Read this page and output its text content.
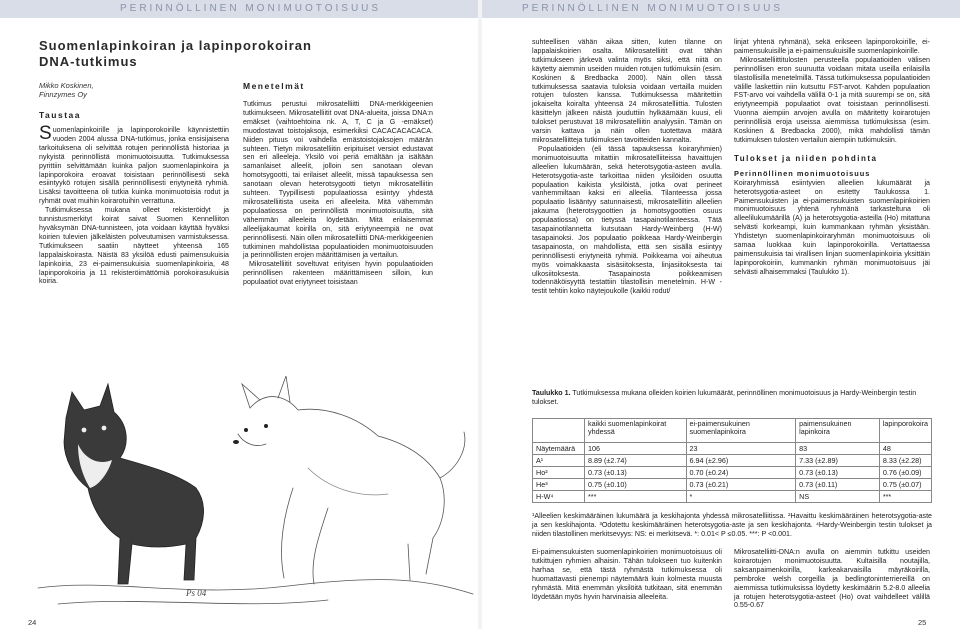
PERINNÖLLINEN MONIMUOTOISUUS	PERINNÖLLINEN MONIMUOTOISUUS
Suomenlapinkoiran ja lapinporokoiran
DNA-tutkimus
Mikko Koskinen,
Finnzymes Oy
Taustaa

Suomenlapinkoirille ja lapinporokoirille käynnistettiin vuoden 2004 alussa DNA-tutkimus, jonka ensisijaisena tarkoituksena oli selvittää rotujen perinnöllistä historiaa ja nykyistä perinnöllistä monimuotoisuutta. Tutkimuksessa pyrittiin selvittämään kuinka paljon suomenlapinkoira ja lapinporokoira eroavat toisistaan perinnöllisesti sekä esiintyykö rotujen sisällä perinnöllisesti eriytyneitä ryhmiä. Lisäksi tavoitteena oli tutkia kuinka monimuotoisia rodut ja ryhmät ovat muihin koirarotuihin verrattuna.

Tutkimuksessa mukana olleet rekisteröidyt ja tunnistusmerkityt koirat saivat Suomen Kennelliiton hyväksymän DNA-tunnisteen, jota voidaan käyttää hyväksi koirien tulevien jälkeläisten polveutumisen varmistuksessa. Tutkimukseen saatiin näytteet yhteensä 165 lappalaiskoirasta. Näistä 83 yksilöä edusti paimensukuisia lapinkoiria, 23 ei-paimensukuisia suomenlapinkoiria, 48 lapinporokoiria ja 11 rekisteröimättömiä porokoirasukuisia koiria.

Menetelmät

Tutkimus perustui mikrosatelliitti DNA-merkkigeenien tutkimukseen. Mikrosatelliitit ovat DNA-alueita, joissa DNA:n emäkset (vaihtoehtoina nk. A, T, C ja G -emäkset) muodostavat toistojaksoja, esimerkiksi CACACACACACA. Niiden pituus voi vaihdella emästoistojaksojen määrän suhteen. Tietyn mikrosatelliitin eripituiset versiot edustavat sen eri alleeleja. Yksilö voi periä emältään ja isältään samanlaiset alleelit, jolloin sen sanotaan olevan homotsygootti, tai erilaiset alleelit, missä tapauksessa sen sanotaan olevan heterotsygootti tietyn mikrosatelliitin suhteen. Tyypillisesti populaatiossa esiintyy yhdestä mikrosatelliitista useita eri alleeleita. Mitä vähemmän populaatiossa on perinnöllistä monimuotoisuutta, sitä vähemmän alleeleita löydetään. Mitä erilaisemmat alleelijakaumat koirilla on, sitä eriytyneempiä ne ovat perinnöllisesti. Näin ollen mikrosatelliitti DNA-merkkigeenien tutkiminen mahdollistaa populaatioiden monimuotoisuuden ja perinnöllisten erojen määrittämisen ja vertailun.

Mikrosatelliitit soveltuvat erityisen hyvin populaatioiden perinnöllisen rakenteen määrittämiseen silloin, kun populaatiot ovat eriytyneet toisistaan

Ps 04
24	25

suhteellisen vähän aikaa sitten, kuten tilanne on lappalaiskoirien osalta. Mikrosatelliitit ovat tähän tutkimukseen järkevä valinta myös siksi, että niitä on käytetty aiemmin useiden muiden rotujen tutkimuksiin (esim. Koskinen & Bredbacka 2000). Näin ollen tässä tutkimuksessa saatavia tuloksia voidaan vertailla muiden rotujen tulosten kanssa. Tutkimuksessa määritettiin jokaiselta koiralta yhteensä 24 mikrosatelliittia. Tulosten käsittelyn jälkeen näistä jouduttiin hylkäämään kuusi, eli tulokset perustuvat 18 mikrosatelliitin analyysiin. Tämän on varsin kattava ja näin ollen tuotettava määrä mikrosatelliitteja tutkimuksen tavoitteiden kannalta.

Populaatioiden (eli tässä tapauksessa koiraryhmien) monimuotoisuutta mitattiin mikrosatelliiteissa havaittujen alleelien lukumäärän, sekä heterotsygotia-asteen avulla. Heterotsygotia-aste tarkoittaa niiden yksilöiden osuutta populaation kaikista yksilöistä, jotka ovat perineet vanhemmiltaan kaksi eri alleelia. Tilanteessa jossa populaatio lisääntyy satunnaisesti, mikrosatelliitin alleelien jakauma (heterotsygoottien ja homotsygoottien osuus populaatiossa) on tietyssä tasapainotilanteessa. Tätä tasapainotilannetta kutsutaan Hardy-Weinberg (H-W) tasapainoksi. Jos populaatio poikkeaa Hardy-Weinbergin tasapainosta, on mahdollista, että sen sisällä esiintyy perinnöllisesti eriytyneitä ryhmiä. Poikkeama voi aiheutua myös voimakkaasta sisäsiitoksesta, linjasiitoksesta tai ulkosiitoksesta. Tasapainosta poikkeamisen todennäköisyyttä testattiin tilastollisin menetelmin. H-W -testit tehtiin koko näytejoukolle (kaikki rodut/

linjat yhtenä ryhmänä), sekä erikseen lapinporokoirille, ei-paimensukuisille ja ei-paimensukuisille suomenlapinkoirille.

Mikrosatelliittitulosten perusteella populaatioiden välisen perinnöllisen eron suuruutta voidaan mitata useilla erilaisilla tilastollisilla menetelmillä. Tässä tutkimuksessa populaatioiden välille laskettiin niin kutsuttu FST-arvot. Kahden populaation FST-arvo voi vaihdella välillä 0-1 ja mitä suurempi se on, sitä eriytyneempiä populaatiot ovat toisistaan perinnöllisesti. Vuonna aiempiin arvojen avulla on määritetty koirarotujen perinnöllisiä eroja useissa aiemmissa tutkimuksissa (esim. Koskinen & Bredbacka 2000), mikä mahdollisti tämän tutkimuksen tulosten vertailun aiempiin tutkimuksiin.

Tulokset ja niiden pohdinta
Perinnöllinen monimuotoisuus

Koiraryhmissä esiintyvien alleelien lukumäärät ja heterotsygotia-asteet on esitetty Taulukossa 1. Paimensukuisten ja ei-paimensukuisten suomenlapinkoirien monimuotoisuus yhtenä ryhmänä tarkasteltuna oli alleelilukumäärillä (A) ja heterotsygotia-asteilla (Ho) mitattuna selvästi korkeampi, kuin kummankaan ryhmän yksistään. Yhdistetyn suomenlapinkoiraryhmän monimuotoisuus oli samaa luokkaa kuin lapinporokoirilla. Vertattaessa paimensukuisia tai virallisen linjan suomenlapinkoiria yksittäin lapinporokoiriin, kummankin ryhmän monimuotoisuus jäi selvästi alhaisemmaksi (Taulukko 1).

Taulukko 1. Tutkimuksessa mukana olleiden koirien lukumäärät, perinnöllinen monimuotoisuus ja Hardy-Weinbergin testin tulokset.
	kaikki suomenlapinkoirat yhdessä	ei-paimensukuinen suomenlapinkoira	paimensukuinen lapinkoira	lapinporokoira
Näytemäärä	106	23	83	48
A¹	8.89 (±2.74)	6.94 (±2.96)	7.33 (±2.89)	8.33 (±2.28)
Ho²	0.73 (±0.13)	0.70 (±0.24)	0.73 (±0.13)	0.76 (±0.09)
He³	0.75 (±0.10)	0.73 (±0.21)	0.73 (±0.11)	0.75 (±0.07)
H-W⁴	***	*	NS	***
¹Alleelien keskimääräinen lukumäärä ja keskihajonta yhdessä mikrosatelliitissa. ²Havaittu keskimääräinen heterotsygotia-aste ja sen keskihajonta. ³Odotettu keskimääräinen heterotsygotia-aste ja sen keskihajonta. ⁴Hardy-Weinbergin testin tulokset ja niiden tilastollinen merkitsevyys: NS: ei merkitsevä. *: 0.01< P ≤0.05. ***: P <0.001.

Ei-paimensukuisten suomenlapinkoirien monimuotoisuus oli tutkittujen ryhmien alhaisin. Tähän tulokseen tuo kuitenkin harhaa se, että tästä ryhmästä tutkimuksessa oli huomattavasti pienempi näytemäärä kuin kolmesta muusta ryhmästä. Mitä enemmän yksilöitä tutkitaan, sitä enemmän löydetään myös hyvin harvinaisia alleeleita.

Mikrosatelliitti-DNA:n avulla on aiemmin tutkittu useiden koirarotujen monimuotoisuutta. Kultaisilla noutajilla, saksanpaimenkoirilla, karkeakarvaisilla mäyräkoirilla, pembroke welsh corgeilla ja bedlingtoninterriereillä on aiemmissa tutkimuksissa löydetty keskimäärin 5.2-8.0 alleelia ja rotujen heterotsygotia-asteet (Ho) ovat vaihdelleet välillä 0.55-0.67
